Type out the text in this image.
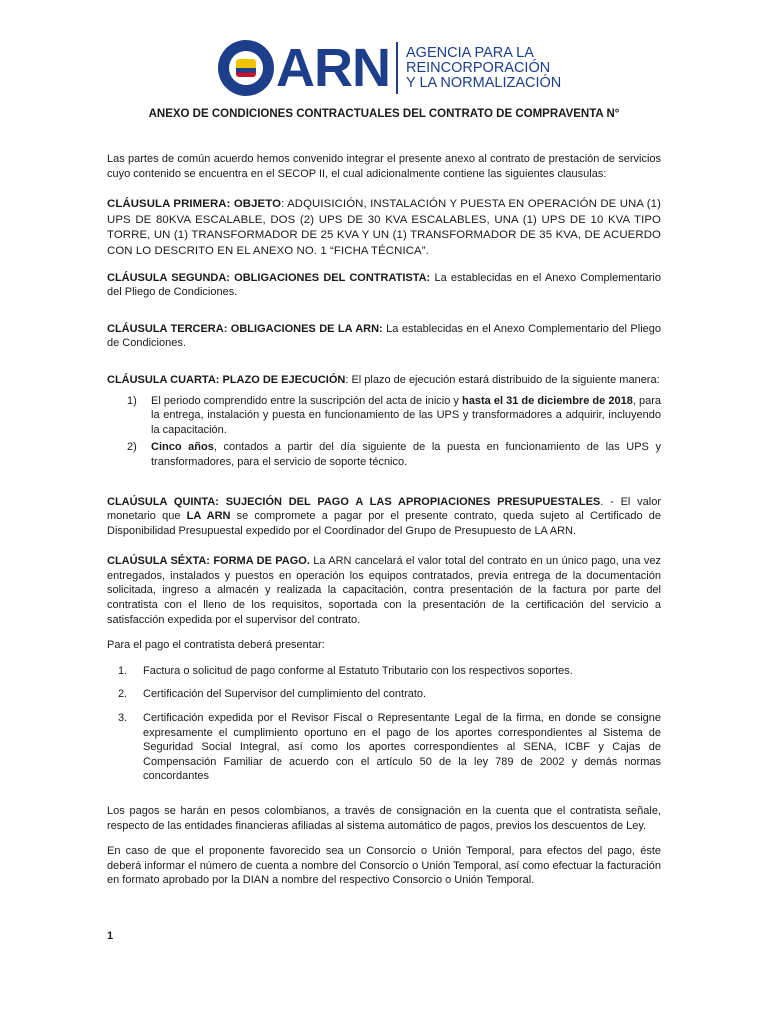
ARN AGENCIA PARA LA
REINCORPORACIÓN
Y LA NORMALIZACIÓN
ANEXO DE CONDICIONES CONTRACTUALES DEL CONTRATO DE COMPRAVENTA N°

Las partes de común acuerdo hemos convenido integrar el presente anexo al contrato de prestación de servicios cuyo contenido se encuentra en el SECOP II, el cual adicionalmente contiene las siguientes clausulas:

CLÁUSULA PRIMERA: OBJETO: ADQUISICIÓN, INSTALACIÓN Y PUESTA EN OPERACIÓN DE UNA (1) UPS DE 80KVA ESCALABLE, DOS (2) UPS DE 30 KVA ESCALABLES, UNA (1) UPS DE 10 KVA TIPO TORRE, UN (1) TRANSFORMADOR DE 25 KVA Y UN (1) TRANSFORMADOR DE 35 KVA, DE ACUERDO CON LO DESCRITO EN EL ANEXO NO. 1 “FICHA TÉCNICA”.

CLÁUSULA SEGUNDA: OBLIGACIONES DEL CONTRATISTA: La establecidas en el Anexo Complementario del Pliego de Condiciones.

CLÁUSULA TERCERA: OBLIGACIONES DE LA ARN: La establecidas en el Anexo Complementario del Pliego de Condiciones.

CLÁUSULA CUARTA: PLAZO DE EJECUCIÓN: El plazo de ejecución estará distribuido de la siguiente manera:

1)	El periodo comprendido entre la suscripción del acta de inicio y hasta el 31 de diciembre de 2018, para la entrega, instalación y puesta en funcionamiento de las UPS y transformadores a adquirir, incluyendo la capacitación.
2)	Cinco años, contados a partir del día siguiente de la puesta en funcionamiento de las UPS y transformadores, para el servicio de soporte técnico.

CLAÚSULA QUINTA: SUJECIÓN DEL PAGO A LAS APROPIACIONES PRESUPUESTALES. - El valor monetario que LA ARN se compromete a pagar por el presente contrato, queda sujeto al Certificado de Disponibilidad Presupuestal expedido por el Coordinador del Grupo de Presupuesto de LA ARN.

CLAÚSULA SÉXTA: FORMA DE PAGO. La ARN cancelará el valor total del contrato en un único pago, una vez entregados, instalados y puestos en operación los equipos contratados, previa entrega de la documentación solicitada, ingreso a almacén y realizada la capacitación, contra presentación de la factura por parte del contratista con el lleno de los requisitos, soportada con la presentación de la certificación del servicio a satisfacción expedida por el supervisor del contrato.

Para el pago el contratista deberá presentar:

1.	Factura o solicitud de pago conforme al Estatuto Tributario con los respectivos soportes.
2.	Certificación del Supervisor del cumplimiento del contrato.
3.	Certificación expedida por el Revisor Fiscal o Representante Legal de la firma, en donde se consigne expresamente el cumplimiento oportuno en el pago de los aportes correspondientes al Sistema de Seguridad Social Integral, así como los aportes correspondientes al SENA, ICBF y Cajas de Compensación Familiar de acuerdo con el artículo 50 de la ley 789 de 2002 y demás normas concordantes

Los pagos se harán en pesos colombianos, a través de consignación en la cuenta que el contratista señale, respecto de las entidades financieras afiliadas al sistema automático de pagos, previos los descuentos de Ley.

En caso de que el proponente favorecido sea un Consorcio o Unión Temporal, para efectos del pago, éste deberá informar el número de cuenta a nombre del Consorcio o Unión Temporal, así como efectuar la facturación en formato aprobado por la DIAN a nombre del respectivo Consorcio o Unión Temporal.

1
